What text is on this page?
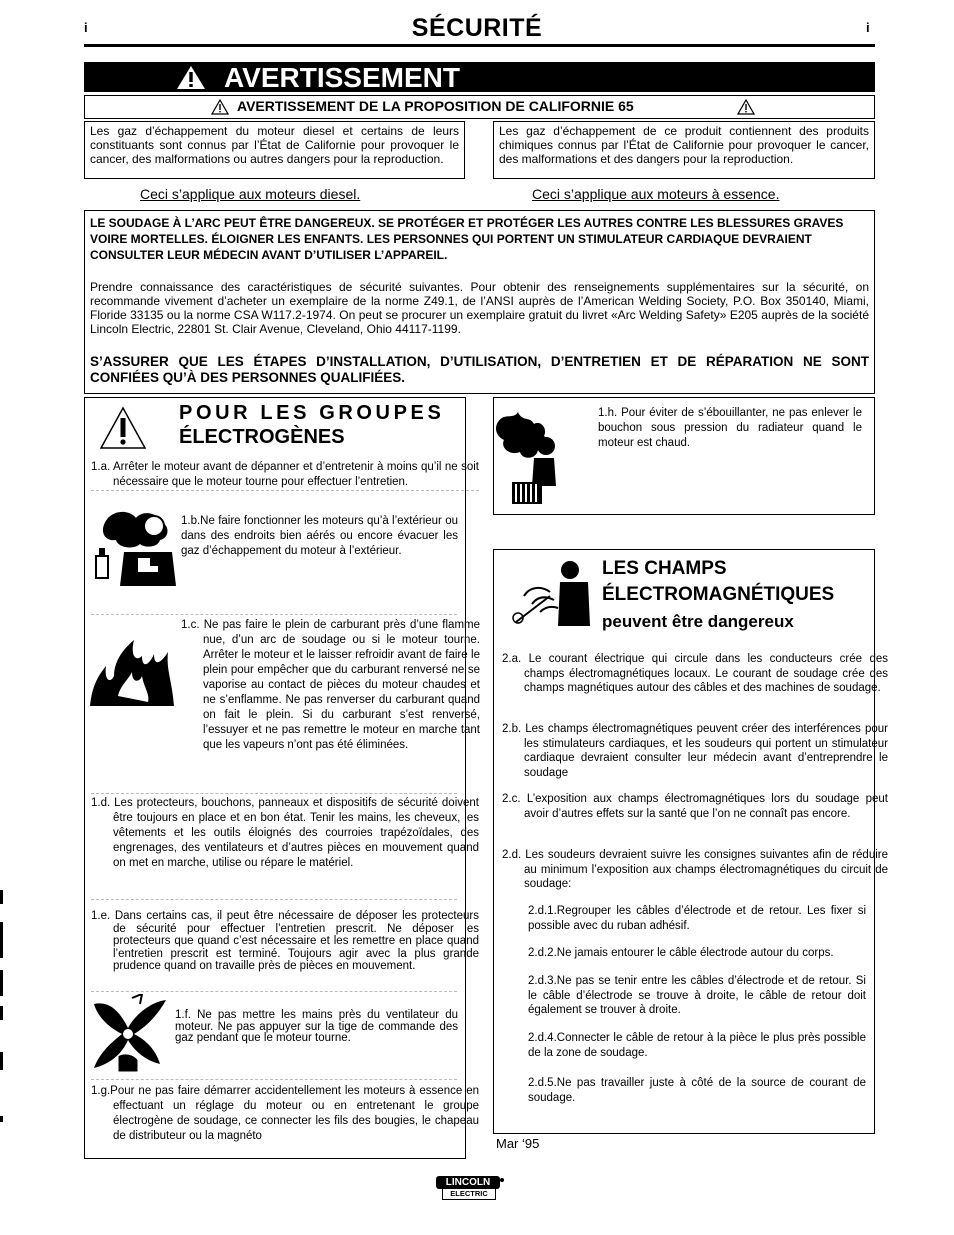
i	i
SÉCURITÉ
AVERTISSEMENT
AVERTISSEMENT DE LA PROPOSITION DE CALIFORNIE 65
Les gaz d’échappement du moteur diesel et certains de leurs constituants sont connus par l’État de Californie pour provoquer le cancer, des malformations ou autres dangers pour la reproduction.
Ceci s’applique aux moteurs diesel.
Les gaz d’échappement de ce produit contiennent des produits chimiques connus par l’État de Californie pour provoquer le cancer, des malformations et des dangers pour la reproduction.
Ceci s’applique aux moteurs à essence.
LE SOUDAGE À L’ARC PEUT ÊTRE DANGEREUX. SE PROTÉGER ET PROTÉGER LES AUTRES CONTRE LES BLESSURES GRAVES VOIRE MORTELLES. ÉLOIGNER LES ENFANTS. LES PERSONNES QUI PORTENT UN STIMULATEUR CARDIAQUE DEVRAIENT CONSULTER LEUR MÉDECIN AVANT D’UTILISER L’APPAREIL.
Prendre connaissance des caractéristiques de sécurité suivantes. Pour obtenir des renseignements supplémentaires sur la sécurité, on recommande vivement d’acheter un exemplaire de la norme Z49.1, de l’ANSI auprès de l’American Welding Society, P.O. Box 350140, Miami, Floride 33135 ou la norme CSA W117.2-1974. On peut se procurer un exemplaire gratuit du livret «Arc Welding Safety» E205 auprès de la société Lincoln Electric, 22801 St. Clair Avenue, Cleveland, Ohio 44117-1199.
S’ASSURER QUE LES ÉTAPES D’INSTALLATION, D’UTILISATION, D’ENTRETIEN ET DE RÉPARATION NE SONT CONFIÉES QU’À DES PERSONNES QUALIFIÉES.
POUR LES GROUPES
ÉLECTROGÈNES
1.a. Arrêter le moteur avant de dépanner et d’entretenir à moins qu’il ne soit nécessaire que le moteur tourne pour effectuer l’entretien.
1.b.Ne faire fonctionner les moteurs qu’à l’extérieur ou dans des endroits bien aérés ou encore évacuer les gaz d’échappement du moteur à l’extérieur.
1.c. Ne pas faire le plein de carburant près d’une flamme nue, d’un arc de soudage ou si le moteur tourne. Arrêter le moteur et le laisser refroidir avant de faire le plein pour empêcher que du carburant renversé ne se vaporise au contact de pièces du moteur chaudes et ne s’enflamme. Ne pas renverser du carburant quand on fait le plein. Si du carburant s’est renversé, l’essuyer et ne pas remettre le moteur en marche tant que les vapeurs n’ont pas été éliminées.
1.d. Les protecteurs, bouchons, panneaux et dispositifs de sécurité doivent être toujours en place et en bon état. Tenir les mains, les cheveux, les vêtements et les outils éloignés des courroies trapézoïdales, des engrenages, des ventilateurs et d’autres pièces en mouvement quand on met en marche, utilise ou répare le matériel.
1.e. Dans certains cas, il peut être nécessaire de déposer les protecteurs de sécurité pour effectuer l’entretien prescrit. Ne déposer les protecteurs que quand c’est nécessaire et les remettre en place quand l’entretien prescrit est terminé. Toujours agir avec la plus grande prudence quand on travaille près de pièces en mouvement.
1.f. Ne pas mettre les mains près du ventilateur du moteur. Ne pas appuyer sur la tige de commande des gaz pendant que le moteur tourne.
1.g.Pour ne pas faire démarrer accidentellement les moteurs à essence en effectuant un réglage du moteur ou en entretenant le groupe électrogène de soudage, ce connecter les fils des bougies, le chapeau de distributeur ou la magnéto
1.h. Pour éviter de s’ébouillanter, ne pas enlever le bouchon sous pression du radiateur quand le moteur est chaud.
LES CHAMPS
ÉLECTROMAGNÉTIQUES
peuvent être dangereux
2.a. Le courant électrique qui circule dans les conducteurs crée des champs électromagnétiques locaux. Le courant de soudage crée des champs magnétiques autour des câbles et des machines de soudage.
2.b. Les champs électromagnétiques peuvent créer des interférences pour les stimulateurs cardiaques, et les soudeurs qui portent un stimulateur cardiaque devraient consulter leur médecin avant d’entreprendre le soudage
2.c. L’exposition aux champs électromagnétiques lors du soudage peut avoir d’autres effets sur la santé que l’on ne connaît pas encore.
2.d. Les soudeurs devraient suivre les consignes suivantes afin de réduire au minimum l’exposition aux champs électromagnétiques du circuit de soudage:
2.d.1.Regrouper les câbles d’électrode et de retour. Les fixer si possible avec du ruban adhésif.
2.d.2.Ne jamais entourer le câble électrode autour du corps.
2.d.3.Ne pas se tenir entre les câbles d’électrode et de retour. Si le câble d’électrode se trouve à droite, le câble de retour doit également se trouver à droite.
2.d.4.Connecter le câble de retour à la pièce le plus près possible de la zone de soudage.
2.d.5.Ne pas travailler juste à côté de la source de courant de soudage.
Mar ‘95
LINCOLN
ELECTRIC
